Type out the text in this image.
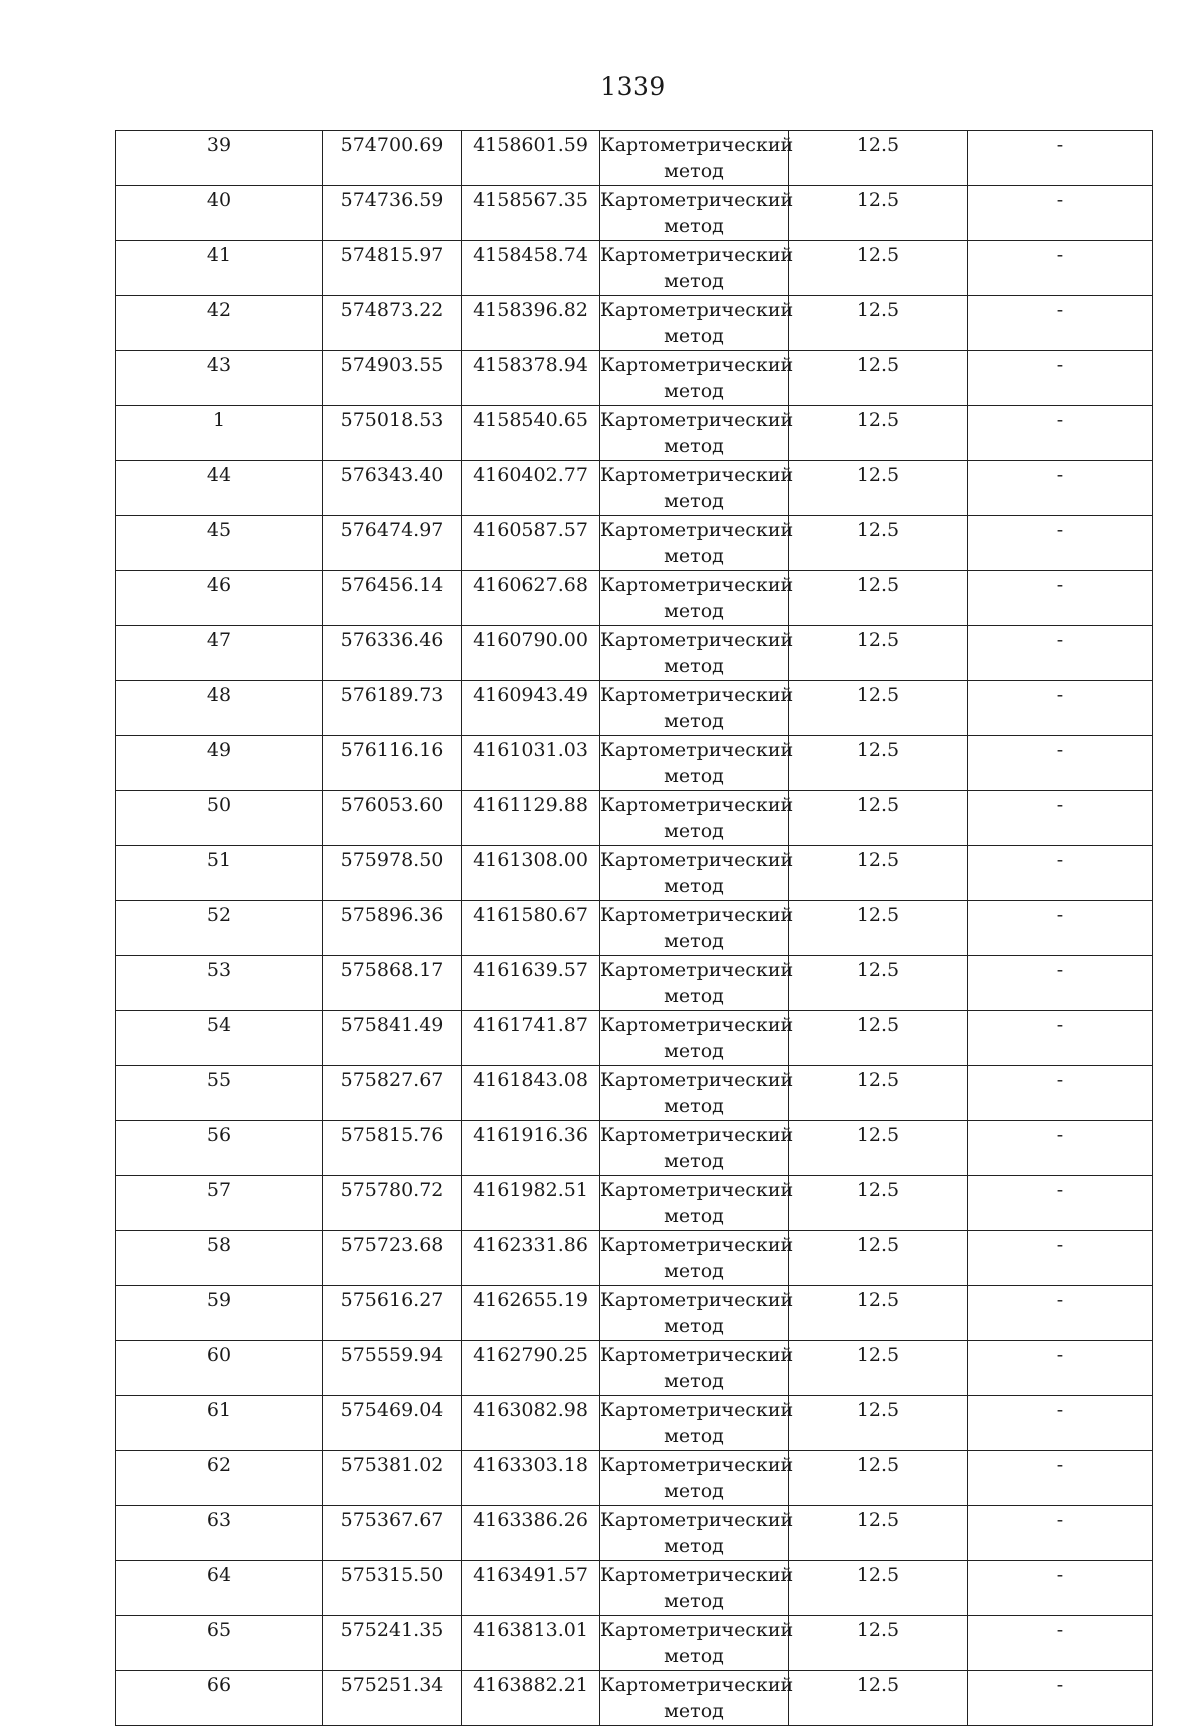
1339
39	574700.69	4158601.59	Картометрический метод	12.5	-
40	574736.59	4158567.35	Картометрический метод	12.5	-
41	574815.97	4158458.74	Картометрический метод	12.5	-
42	574873.22	4158396.82	Картометрический метод	12.5	-
43	574903.55	4158378.94	Картометрический метод	12.5	-
1	575018.53	4158540.65	Картометрический метод	12.5	-
44	576343.40	4160402.77	Картометрический метод	12.5	-
45	576474.97	4160587.57	Картометрический метод	12.5	-
46	576456.14	4160627.68	Картометрический метод	12.5	-
47	576336.46	4160790.00	Картометрический метод	12.5	-
48	576189.73	4160943.49	Картометрический метод	12.5	-
49	576116.16	4161031.03	Картометрический метод	12.5	-
50	576053.60	4161129.88	Картометрический метод	12.5	-
51	575978.50	4161308.00	Картометрический метод	12.5	-
52	575896.36	4161580.67	Картометрический метод	12.5	-
53	575868.17	4161639.57	Картометрический метод	12.5	-
54	575841.49	4161741.87	Картометрический метод	12.5	-
55	575827.67	4161843.08	Картометрический метод	12.5	-
56	575815.76	4161916.36	Картометрический метод	12.5	-
57	575780.72	4161982.51	Картометрический метод	12.5	-
58	575723.68	4162331.86	Картометрический метод	12.5	-
59	575616.27	4162655.19	Картометрический метод	12.5	-
60	575559.94	4162790.25	Картометрический метод	12.5	-
61	575469.04	4163082.98	Картометрический метод	12.5	-
62	575381.02	4163303.18	Картометрический метод	12.5	-
63	575367.67	4163386.26	Картометрический метод	12.5	-
64	575315.50	4163491.57	Картометрический метод	12.5	-
65	575241.35	4163813.01	Картометрический метод	12.5	-
66	575251.34	4163882.21	Картометрический метод	12.5	-
